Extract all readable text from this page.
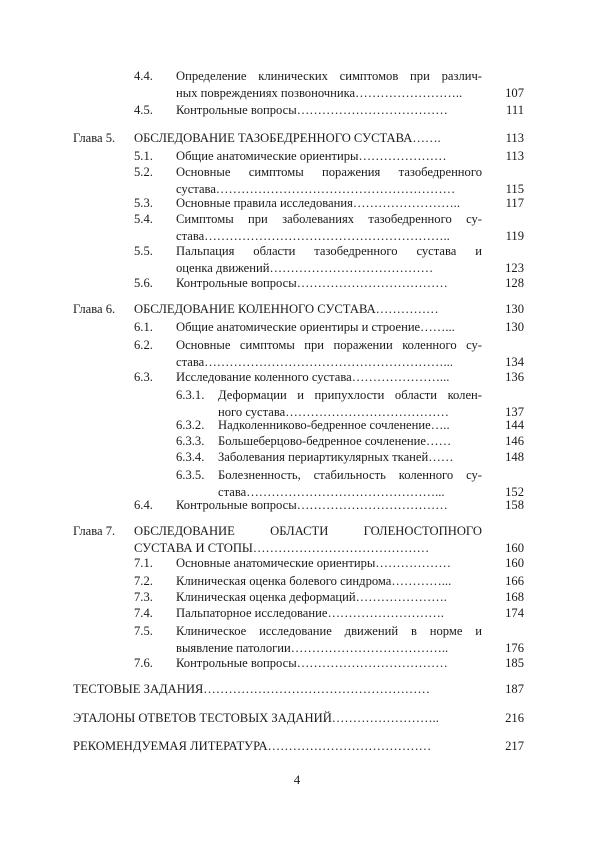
4.4. Определение клинических симптомов при различ-
ных повреждениях позвоночника……………………..	107
4.5. Контрольные вопросы………………………………	111
Глава 5. ОБСЛЕДОВАНИЕ ТАЗОБЕДРЕННОГО СУСТАВА…….	113
5.1. Общие анатомические ориентиры…………………	113
5.2. Основные симптомы поражения тазобедренного
сустава…………………………………………………	115
5.3. Основные правила исследования……………………..	117
5.4. Симптомы при заболеваниях тазобедренного су-
става…………………………………………………..	119
5.5. Пальпация области тазобедренного сустава и
оценка движений…………………………………	123
5.6. Контрольные вопросы………………………………	128
Глава 6. ОБСЛЕДОВАНИЕ КОЛЕННОГО СУСТАВА……………	130
6.1. Общие анатомические ориентиры и строение……...	130
6.2. Основные симптомы при поражении коленного су-
става…………………………………………………...	134
6.3. Исследование коленного сустава…………………...	136
6.3.1. Деформации и припухлости области колен-
ного сустава…………………………………	137
6.3.2. Надколенниково-бедренное сочленение…..	144
6.3.3. Большеберцово-бедренное сочленение……	146
6.3.4. Заболевания периартикулярных тканей……	148
6.3.5. Болезненность, стабильность коленного су-
става………………………………………...	152
6.4. Контрольные вопросы………………………………	158
Глава 7. ОБСЛЕДОВАНИЕ ОБЛАСТИ ГОЛЕНОСТОПНОГО
СУСТАВА И СТОПЫ……………………………………	160
7.1. Основные анатомические ориентиры………………	160
7.2. Клиническая оценка болевого синдрома…………...	166
7.3. Клиническая оценка деформаций………………….	168
7.4. Пальпаторное исследование……………………….	174
7.5. Клиническое исследование движений в норме и
выявление патологии………………………………..	176
7.6. Контрольные вопросы………………………………	185
ТЕСТОВЫЕ ЗАДАНИЯ………………………………………………	187
ЭТАЛОНЫ ОТВЕТОВ ТЕСТОВЫХ ЗАДАНИЙ……………………..	216
РЕКОМЕНДУЕМАЯ ЛИТЕРАТУРА…………………………………	217
4
